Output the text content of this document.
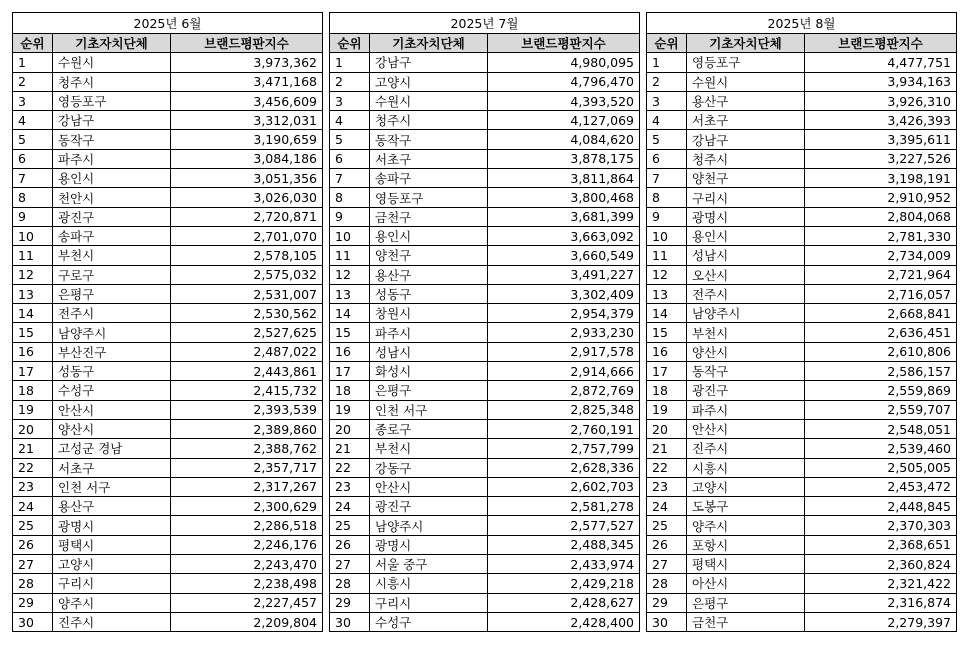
2025년 6월		
순위	기초자치단체	브랜드평판지수
1	수원시	3,973,362
2	청주시	3,471,168
3	영등포구	3,456,609
4	강남구	3,312,031
5	동작구	3,190,659
6	파주시	3,084,186
7	용인시	3,051,356
8	천안시	3,026,030
9	광진구	2,720,871
10	송파구	2,701,070
11	부천시	2,578,105
12	구로구	2,575,032
13	은평구	2,531,007
14	전주시	2,530,562
15	남양주시	2,527,625
16	부산진구	2,487,022
17	성동구	2,443,861
18	수성구	2,415,732
19	안산시	2,393,539
20	양산시	2,389,860
21	고성군 경남	2,388,762
22	서초구	2,357,717
23	인천 서구	2,317,267
24	용산구	2,300,629
25	광명시	2,286,518
26	평택시	2,246,176
27	고양시	2,243,470
28	구리시	2,238,498
29	양주시	2,227,457
30	진주시	2,209,804
2025년 7월		
순위	기초자치단체	브랜드평판지수
1	강남구	4,980,095
2	고양시	4,796,470
3	수원시	4,393,520
4	청주시	4,127,069
5	동작구	4,084,620
6	서초구	3,878,175
7	송파구	3,811,864
8	영등포구	3,800,468
9	금천구	3,681,399
10	용인시	3,663,092
11	양천구	3,660,549
12	용산구	3,491,227
13	성동구	3,302,409
14	창원시	2,954,379
15	파주시	2,933,230
16	성남시	2,917,578
17	화성시	2,914,666
18	은평구	2,872,769
19	인천 서구	2,825,348
20	종로구	2,760,191
21	부천시	2,757,799
22	강동구	2,628,336
23	안산시	2,602,703
24	광진구	2,581,278
25	남양주시	2,577,527
26	광명시	2,488,345
27	서울 중구	2,433,974
28	시흥시	2,429,218
29	구리시	2,428,627
30	수성구	2,428,400
2025년 8월		
순위	기초자치단체	브랜드평판지수
1	영등포구	4,477,751
2	수원시	3,934,163
3	용산구	3,926,310
4	서초구	3,426,393
5	강남구	3,395,611
6	청주시	3,227,526
7	양천구	3,198,191
8	구리시	2,910,952
9	광명시	2,804,068
10	용인시	2,781,330
11	성남시	2,734,009
12	오산시	2,721,964
13	전주시	2,716,057
14	남양주시	2,668,841
15	부천시	2,636,451
16	양산시	2,610,806
17	동작구	2,586,157
18	광진구	2,559,869
19	파주시	2,559,707
20	안산시	2,548,051
21	진주시	2,539,460
22	시흥시	2,505,005
23	고양시	2,453,472
24	도봉구	2,448,845
25	양주시	2,370,303
26	포항시	2,368,651
27	평택시	2,360,824
28	아산시	2,321,422
29	은평구	2,316,874
30	금천구	2,279,397
